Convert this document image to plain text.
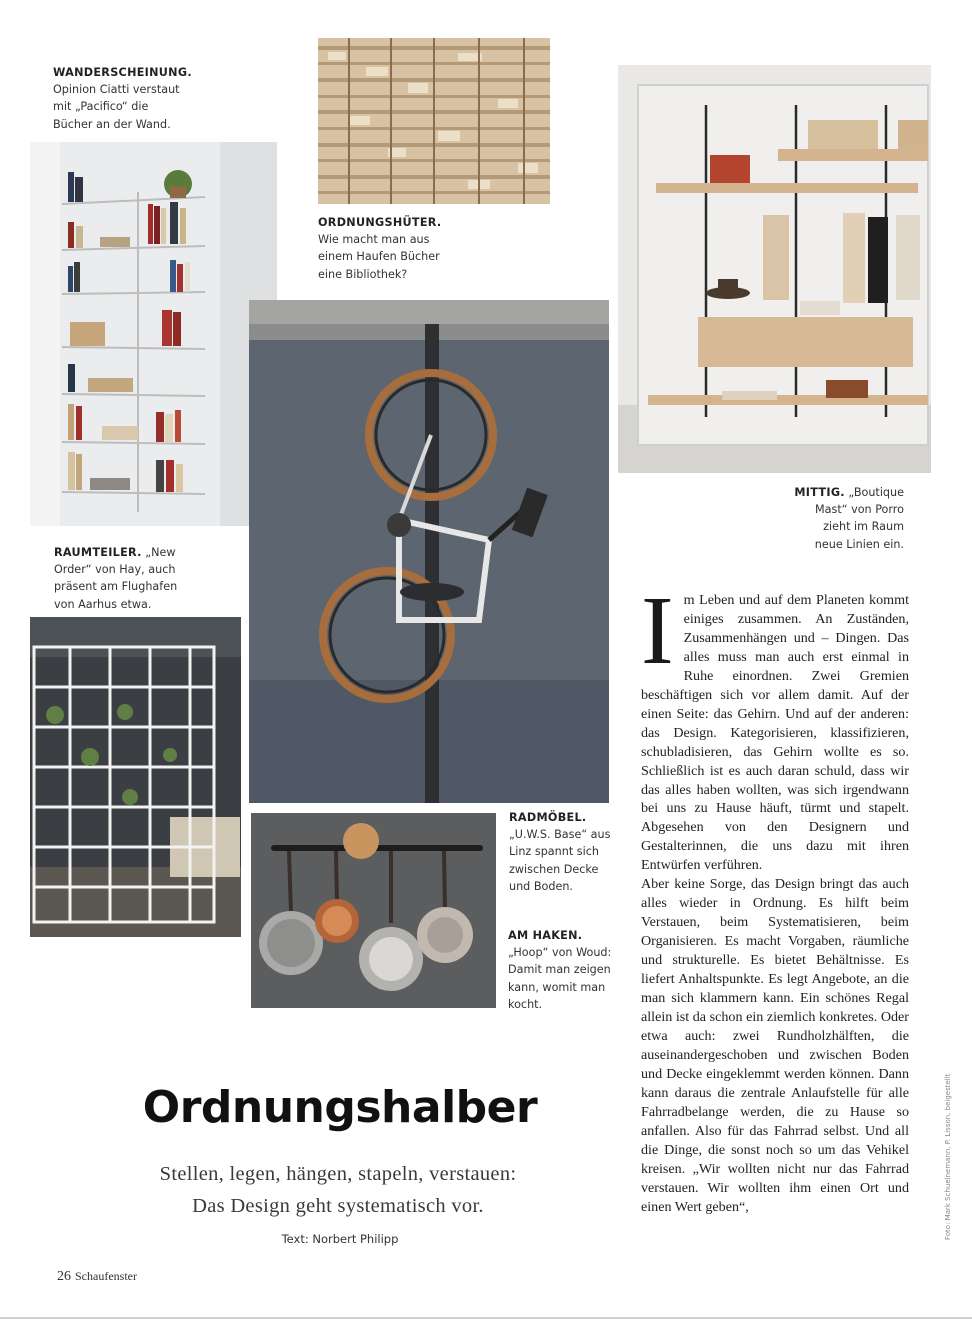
WANDERSCHEINUNG.
Opinion Ciatti verstaut
mit „Pacifico“ die
Bücher an der Wand.
ORDNUNGSHÜTER.
Wie macht man aus
einem Haufen Bücher
eine Bibliothek?
MITTIG. „Boutique
Mast“ von Porro
zieht im Raum
neue Linien ein.
RAUMTEILER. „New
Order“ von Hay, auch
präsent am Flughafen
von Aarhus etwa.
RADMÖBEL.
„U.W.S. Base“ aus
Linz spannt sich
zwischen Decke
und Boden.
AM HAKEN.
„Hoop“ von Woud:
Damit man zeigen
kann, womit man
kocht.
Ordnungshalber
Stellen, legen, hängen, stapeln, verstauen:
Das Design geht systematisch vor.
Text: Norbert Philipp
I m Leben und auf dem Planeten kommt einiges zusammen. An Zuständen, Zusammenhängen und – Dingen. Das alles muss man auch erst einmal in Ruhe einordnen. Zwei Gremien beschäftigen sich vor allem damit. Auf der einen Seite: das Gehirn. Und auf der anderen: das Design. Kategorisieren, klassifizieren, schubladisieren, das Gehirn wollte es so. Schließlich ist es auch daran schuld, dass wir das alles haben wollten, was sich irgendwann bei uns zu Hause häuft, türmt und stapelt. Abgesehen von den Designern und Gestalterinnen, die uns dazu mit ihren Entwürfen verführen.

Aber keine Sorge, das Design bringt das auch alles wieder in Ordnung. Es hilft beim Verstauen, beim Systematisieren, beim Organisieren. Es macht Vorgaben, räumliche und strukturelle. Es bietet Behältnisse. Es liefert Anhaltspunkte. Es legt Angebote, an die man sich klammern kann. Ein schönes Regal allein ist da schon ein ziemlich konkretes. Oder etwa auch: zwei Rundholzhälften, die auseinandergeschoben und zwischen Boden und Decke eingeklemmt werden können. Dann kann daraus die zentrale Anlaufstelle für alle Fahrradbelange werden, die zu Hause so anfallen. Also für das Fahrrad selbst. Und all die Dinge, die sonst noch so um das Vehikel kreisen. „Wir wollten nicht nur das Fahrrad verstauen. Wir wollten ihm einen Ort und einen Wert geben“,

26 Schaufenster
Foto: Mark Schuelnemann, P. Lisson, beigestellt
